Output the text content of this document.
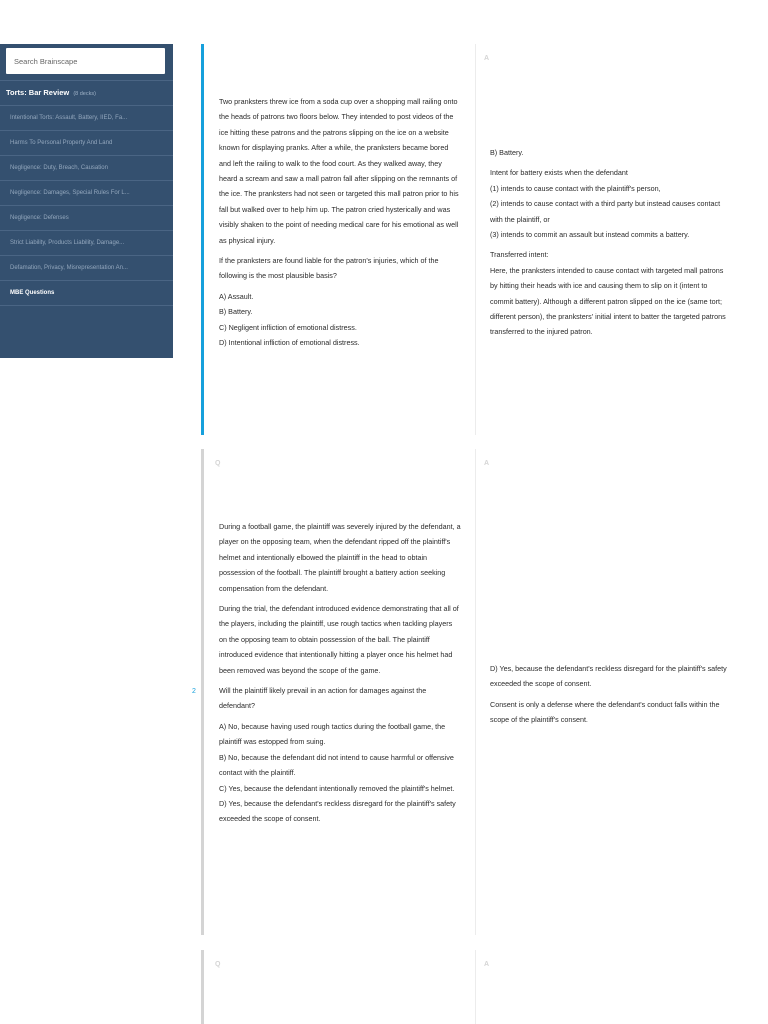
Search Brainscape
Torts: Bar Review (8 decks)
Intentional Torts: Assault, Battery, IIED, Fa...
Harms To Personal Property And Land
Negligence: Duty, Breach, Causation
Negligence: Damages, Special Rules For L...
Negligence: Defenses
Strict Liability, Products Liability, Damage...
Defamation, Privacy, Misrepresentation An...
MBE Questions
A

Two pranksters threw ice from a soda cup over a shopping mall railing onto the heads of patrons two floors below. They intended to post videos of the ice hitting these patrons and the patrons slipping on the ice on a website known for displaying pranks. After a while, the pranksters became bored and left the railing to walk to the food court. As they walked away, they heard a scream and saw a mall patron fall after slipping on the remnants of the ice. The pranksters had not seen or targeted this mall patron prior to his fall but walked over to help him up. The patron cried hysterically and was visibly shaken to the point of needing medical care for his emotional as well as physical injury.

If the pranksters are found liable for the patron's injuries, which of the following is the most plausible basis?

A) Assault.
B) Battery.
C) Negligent infliction of emotional distress.
D) Intentional infliction of emotional distress.

B) Battery.

Intent for battery exists when the defendant
(1) intends to cause contact with the plaintiff's person,
(2) intends to cause contact with a third party but instead causes contact with the plaintiff, or
(3) intends to commit an assault but instead commits a battery.

Transferred intent:
Here, the pranksters intended to cause contact with targeted mall patrons by hitting their heads with ice and causing them to slip on it (intent to commit battery). Although a different patron slipped on the ice (same tort; different person), the pranksters' initial intent to batter the targeted patrons transferred to the injured patron.

2
Q	A

During a football game, the plaintiff was severely injured by the defendant, a player on the opposing team, when the defendant ripped off the plaintiff's helmet and intentionally elbowed the plaintiff in the head to obtain possession of the football. The plaintiff brought a battery action seeking compensation from the defendant.

During the trial, the defendant introduced evidence demonstrating that all of the players, including the plaintiff, use rough tactics when tackling players on the opposing team to obtain possession of the ball. The plaintiff introduced evidence that intentionally hitting a player once his helmet had been removed was beyond the scope of the game.

Will the plaintiff likely prevail in an action for damages against the defendant?

A) No, because having used rough tactics during the football game, the plaintiff was estopped from suing.
B) No, because the defendant did not intend to cause harmful or offensive contact with the plaintiff.
C) Yes, because the defendant intentionally removed the plaintiff's helmet.
D) Yes, because the defendant's reckless disregard for the plaintiff's safety exceeded the scope of consent.

D) Yes, because the defendant's reckless disregard for the plaintiff's safety exceeded the scope of consent.

Consent is only a defense where the defendant's conduct falls within the scope of the plaintiff's consent.

Q	A
